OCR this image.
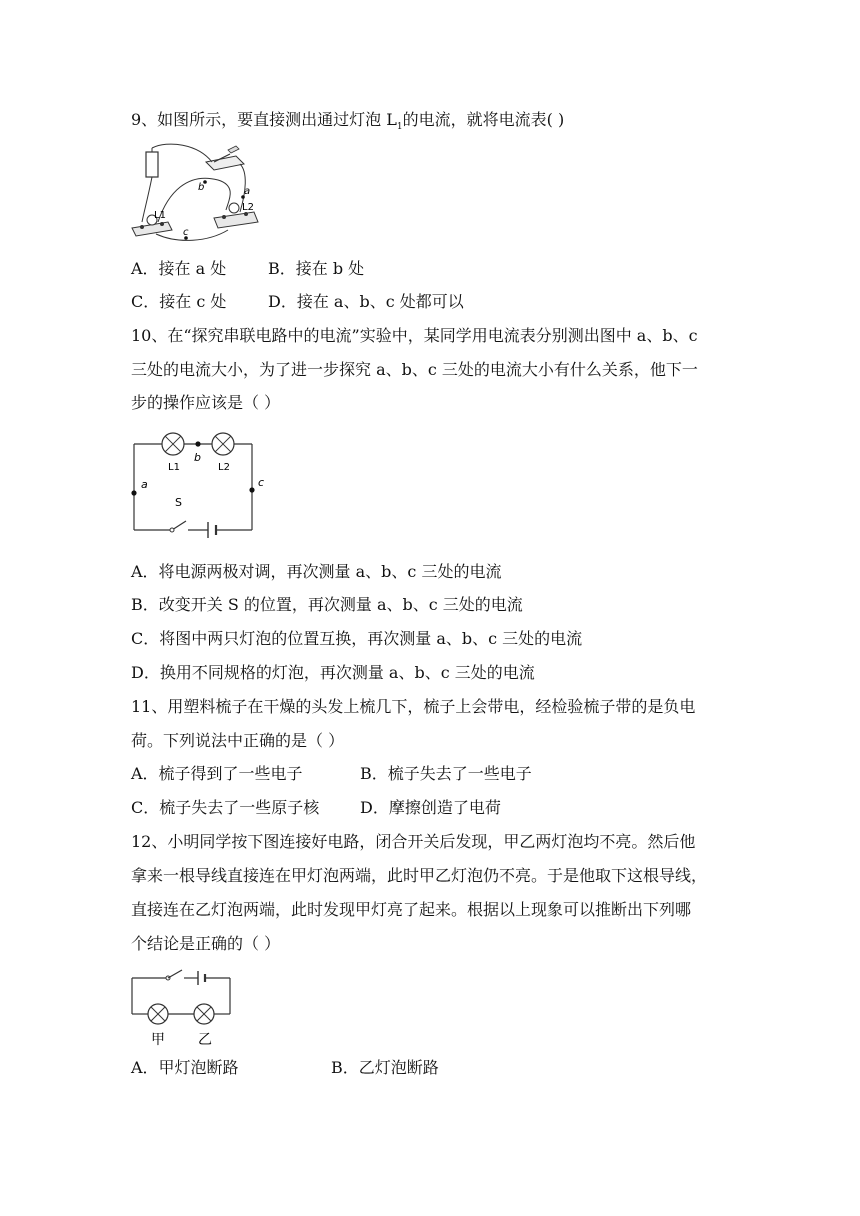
9、如图所示，要直接测出通过灯泡 $L_1$的电流，就将电流表( )
b	a
c
L1
L2
A．接在 a 处	B．接在 b 处
C．接在 c 处	D．接在 a、b、c 处都可以
10、在“探究串联电路中的电流”实验中，某同学用电流表分别测出图中 a、b、c
三处的电流大小，为了进一步探究 a、b、c 三处的电流大小有什么关系，他下一
步的操作应该是（ ）
L1	L2
b
a	c
S
A．将电源两极对调，再次测量 a、b、c 三处的电流
B．改变开关 S 的位置，再次测量 a、b、c 三处的电流
C．将图中两只灯泡的位置互换，再次测量 a、b、c 三处的电流
D．换用不同规格的灯泡，再次测量 a、b、c 三处的电流
11、用塑料梳子在干燥的头发上梳几下，梳子上会带电，经检验梳子带的是负电
荷。下列说法中正确的是（ ）
A．梳子得到了一些电子	B．梳子失去了一些电子
C．梳子失去了一些原子核	D．摩擦创造了电荷
12、小明同学按下图连接好电路，闭合开关后发现，甲乙两灯泡均不亮。然后他
拿来一根导线直接连在甲灯泡两端，此时甲乙灯泡仍不亮。于是他取下这根导线，
直接连在乙灯泡两端，此时发现甲灯亮了起来。根据以上现象可以推断出下列哪
个结论是正确的（ ）
甲 乙
A．甲灯泡断路	B．乙灯泡断路
